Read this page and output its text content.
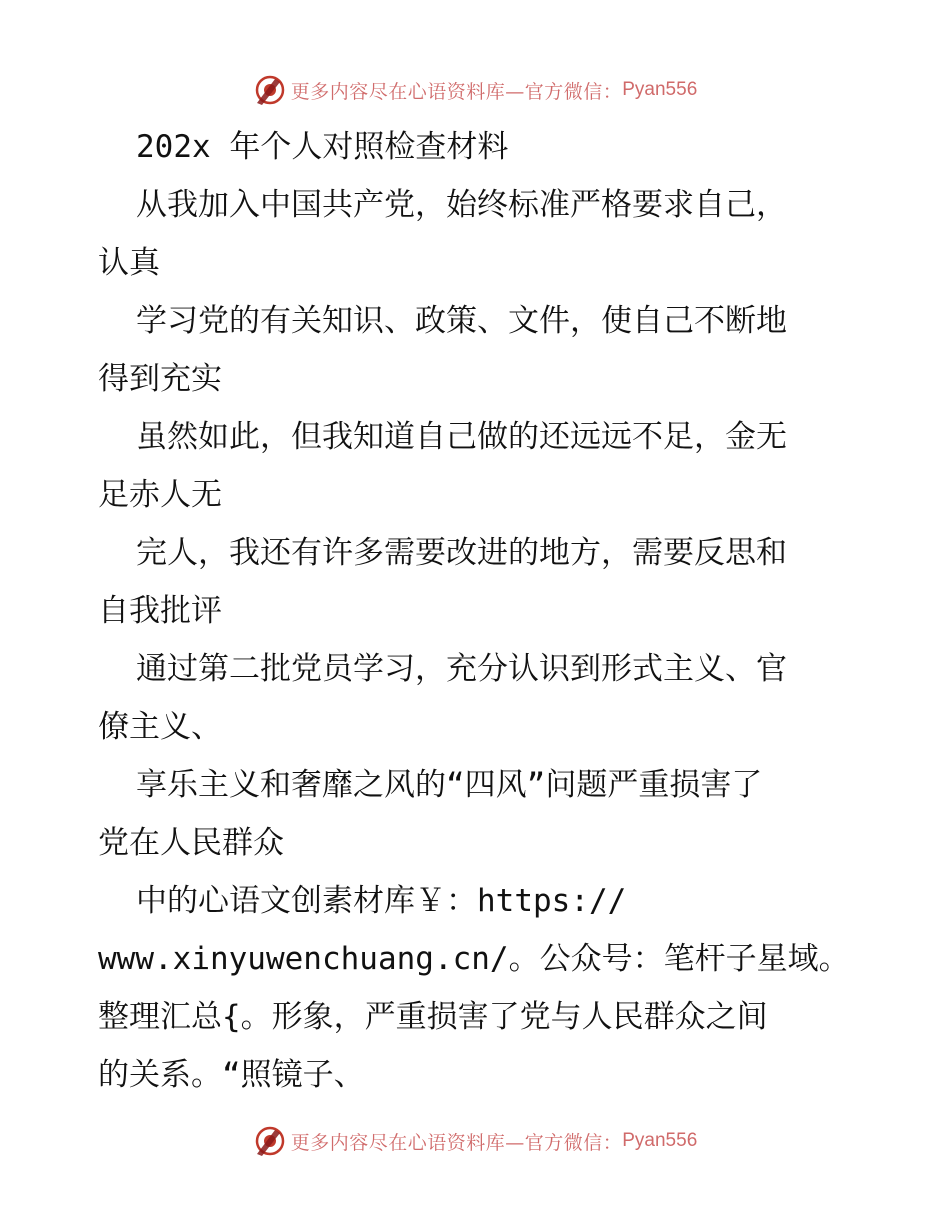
更多内容尽在心语资料库—官方微信： Pyan556
202x 年个人对照检查材料
从我加入中国共产党，始终标准严格要求自己，
认真
学习党的有关知识、政策、文件，使自己不断地
得到充实
虽然如此，但我知道自己做的还远远不足，金无
足赤人无
完人，我还有许多需要改进的地方，需要反思和
自我批评
通过第二批党员学习，充分认识到形式主义、官
僚主义、
享乐主义和奢靡之风的“四风”问题严重损害了
党在人民群众
中的心语文创素材库￥：https://
www.xinyuwenchuang.cn/。公众号：笔杆子星域。
整理汇总{。形象，严重损害了党与人民群众之间
的关系。“照镜子、
更多内容尽在心语资料库—官方微信： Pyan556
